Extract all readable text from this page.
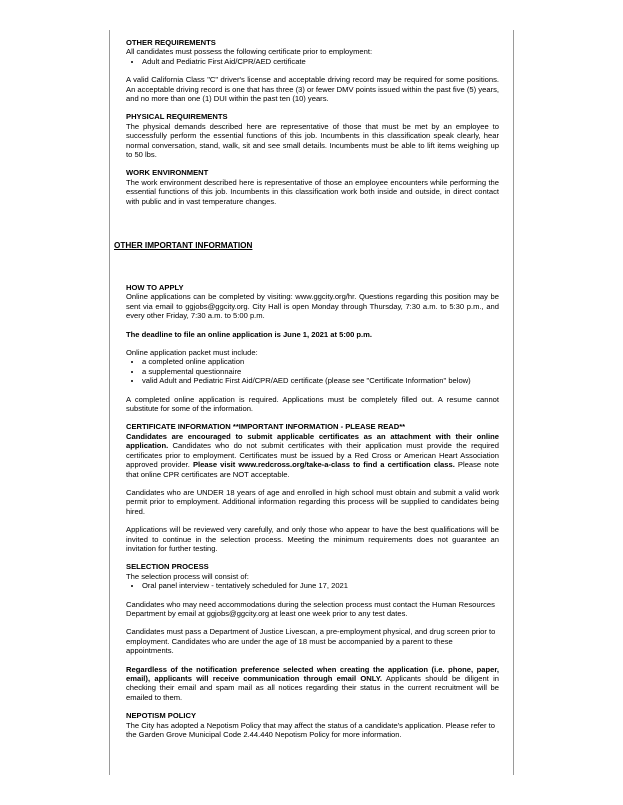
OTHER REQUIREMENTS

All candidates must possess the following certificate prior to employment:

• Adult and Pediatric First Aid/CPR/AED certificate

A valid California Class "C" driver's license and acceptable driving record may be required for some positions. An acceptable driving record is one that has three (3) or fewer DMV points issued within the past five (5) years, and no more than one (1) DUI within the past ten (10) years.

PHYSICAL REQUIREMENTS

The physical demands described here are representative of those that must be met by an employee to successfully perform the essential functions of this job. Incumbents in this classification speak clearly, hear normal conversation, stand, walk, sit and see small details. Incumbents must be able to lift items weighing up to 50 lbs.

WORK ENVIRONMENT

The work environment described here is representative of those an employee encounters while performing the essential functions of this job. Incumbents in this classification work both inside and outside, in direct contact with public and in vast temperature changes.

OTHER IMPORTANT INFORMATION

HOW TO APPLY

Online applications can be completed by visiting: www.ggcity.org/hr. Questions regarding this position may be sent via email to ggjobs@ggcity.org. City Hall is open Monday through Thursday, 7:30 a.m. to 5:30 p.m., and every other Friday, 7:30 a.m. to 5:00 p.m.

The deadline to file an online application is June 1, 2021 at 5:00 p.m.

Online application packet must include:

• a completed online application
• a supplemental questionnaire
• valid Adult and Pediatric First Aid/CPR/AED certificate (please see "Certificate Information" below)

A completed online application is required. Applications must be completely filled out. A resume cannot substitute for some of the information.

CERTIFICATE INFORMATION **IMPORTANT INFORMATION - PLEASE READ**

Candidates are encouraged to submit applicable certificates as an attachment with their online application. Candidates who do not submit certificates with their application must provide the required certificates prior to employment. Certificates must be issued by a Red Cross or American Heart Association approved provider. Please visit www.redcross.org/take-a-class to find a certification class. Please note that online CPR certificates are NOT acceptable.

Candidates who are UNDER 18 years of age and enrolled in high school must obtain and submit a valid work permit prior to employment. Additional information regarding this process will be supplied to candidates being hired.

Applications will be reviewed very carefully, and only those who appear to have the best qualifications will be invited to continue in the selection process. Meeting the minimum requirements does not guarantee an invitation for further testing.

SELECTION PROCESS

The selection process will consist of:

• Oral panel interview - tentatively scheduled for June 17, 2021

Candidates who may need accommodations during the selection process must contact the Human Resources Department by email at ggjobs@ggcity.org at least one week prior to any test dates.

Candidates must pass a Department of Justice Livescan, a pre-employment physical, and drug screen prior to employment. Candidates who are under the age of 18 must be accompanied by a parent to these appointments.

Regardless of the notification preference selected when creating the application (i.e. phone, paper, email), applicants will receive communication through email ONLY. Applicants should be diligent in checking their email and spam mail as all notices regarding their status in the current recruitment will be emailed to them.

NEPOTISM POLICY

The City has adopted a Nepotism Policy that may affect the status of a candidate's application. Please refer to the Garden Grove Municipal Code 2.44.440 Nepotism Policy for more information.
